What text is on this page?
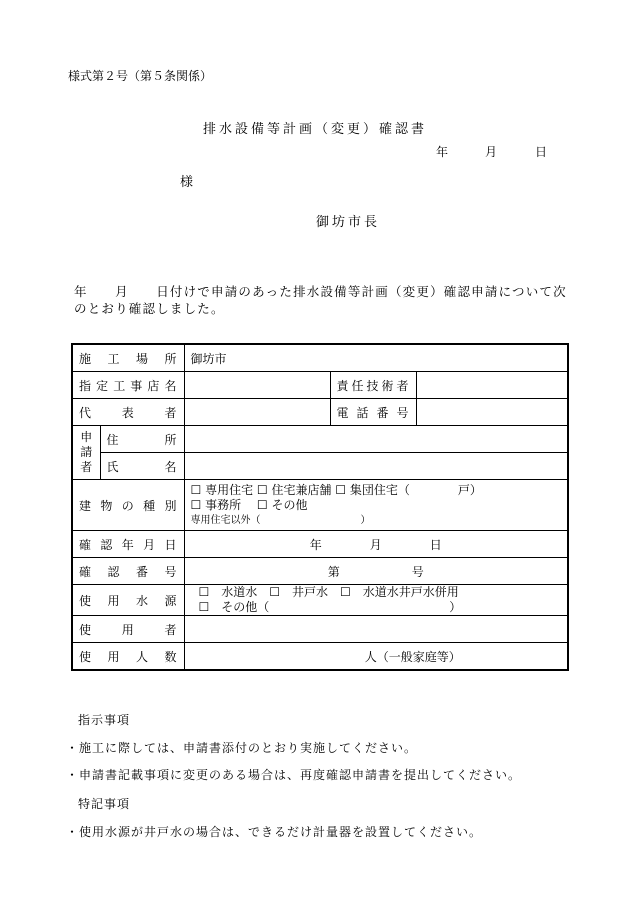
様式第２号（第５条関係）
排水設備等計画（変更）確認書
年	月	日
様
御坊市長
年　　月　　日付けで申請のあった排水設備等計画（変更）確認申請について次のとおり確認しました。
施工場所		御坊市		
指定工事店名			責任技術者	
代表者			電話番号	

申請者	住所			
	氏名			
建物の種別		☐ 専用住宅 ☐ 住宅兼店舗 ☐ 集団住宅（　　　　戸）
☐ 事務所　 ☐ その他
専用住宅以外（　　　　　　　　　　）		

確認年月日		年　　　　月　　　　日		
確認番号		第　　　　　　号		
使用水源		☐　水道水　☐　井戸水　☐　水道水井戸水併用
☐　その他（　　　　　　　　　　　　　　　）		

使用者				
使用人数		人（一般家庭等）		
指示事項
・施工に際しては、申請書添付のとおり実施してください。
・申請書記載事項に変更のある場合は、再度確認申請書を提出してください。
特記事項
・使用水源が井戸水の場合は、できるだけ計量器を設置してください。
